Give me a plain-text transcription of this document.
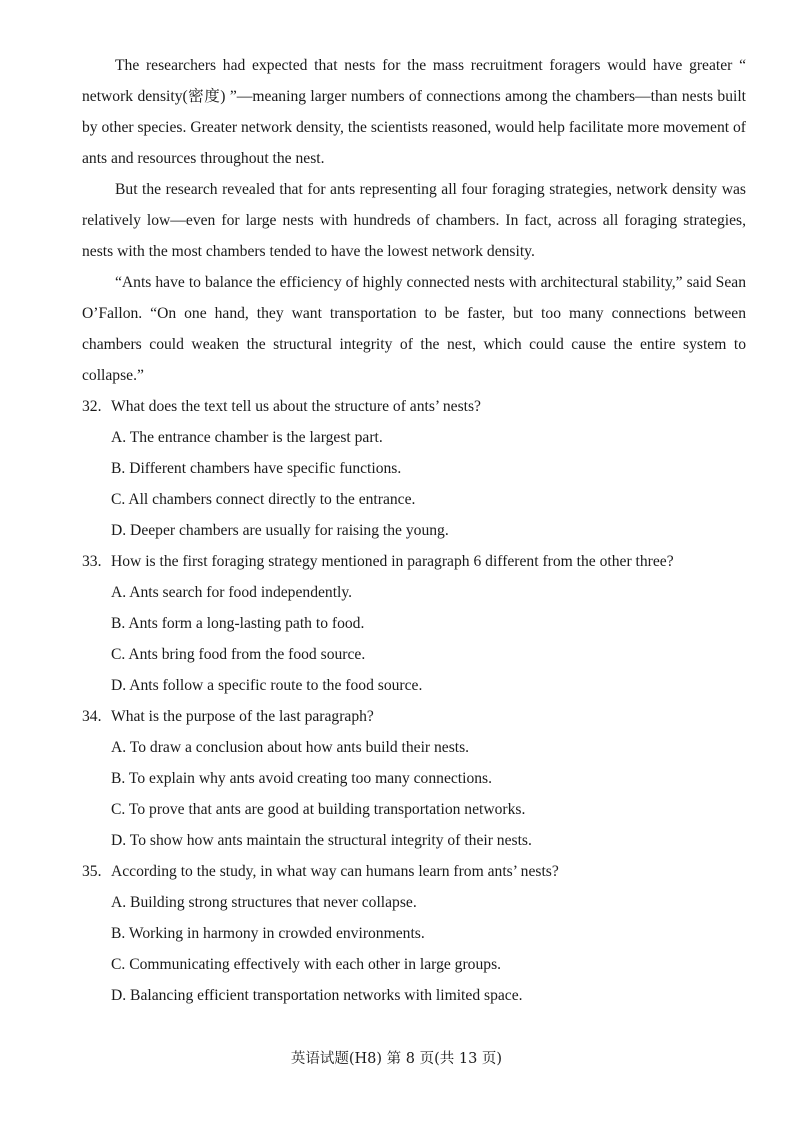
The researchers had expected that nests for the mass recruitment foragers would have greater “ network density(密度) ”—meaning larger numbers of connections among the chambers—than nests built by other species. Greater network density, the scientists reasoned, would help facilitate more movement of ants and resources throughout the nest.

But the research revealed that for ants representing all four foraging strategies, network density was relatively low—even for large nests with hundreds of chambers. In fact, across all foraging strategies, nests with the most chambers tended to have the lowest network density.

“Ants have to balance the efficiency of highly connected nests with architectural stability,” said Sean O’Fallon. “On one hand, they want transportation to be faster, but too many connections between chambers could weaken the structural integrity of the nest, which could cause the entire system to collapse.”

32. What does the text tell us about the structure of ants’ nests?

A. The entrance chamber is the largest part.

B. Different chambers have specific functions.

C. All chambers connect directly to the entrance.

D. Deeper chambers are usually for raising the young.

33. How is the first foraging strategy mentioned in paragraph 6 different from the other three?

A. Ants search for food independently.

B. Ants form a long-lasting path to food.

C. Ants bring food from the food source.

D. Ants follow a specific route to the food source.

34. What is the purpose of the last paragraph?

A. To draw a conclusion about how ants build their nests.

B. To explain why ants avoid creating too many connections.

C. To prove that ants are good at building transportation networks.

D. To show how ants maintain the structural integrity of their nests.

35. According to the study, in what way can humans learn from ants’ nests?

A. Building strong structures that never collapse.

B. Working in harmony in crowded environments.

C. Communicating effectively with each other in large groups.

D. Balancing efficient transportation networks with limited space.

英语试题(H8) 第 8 页(共 13 页)
